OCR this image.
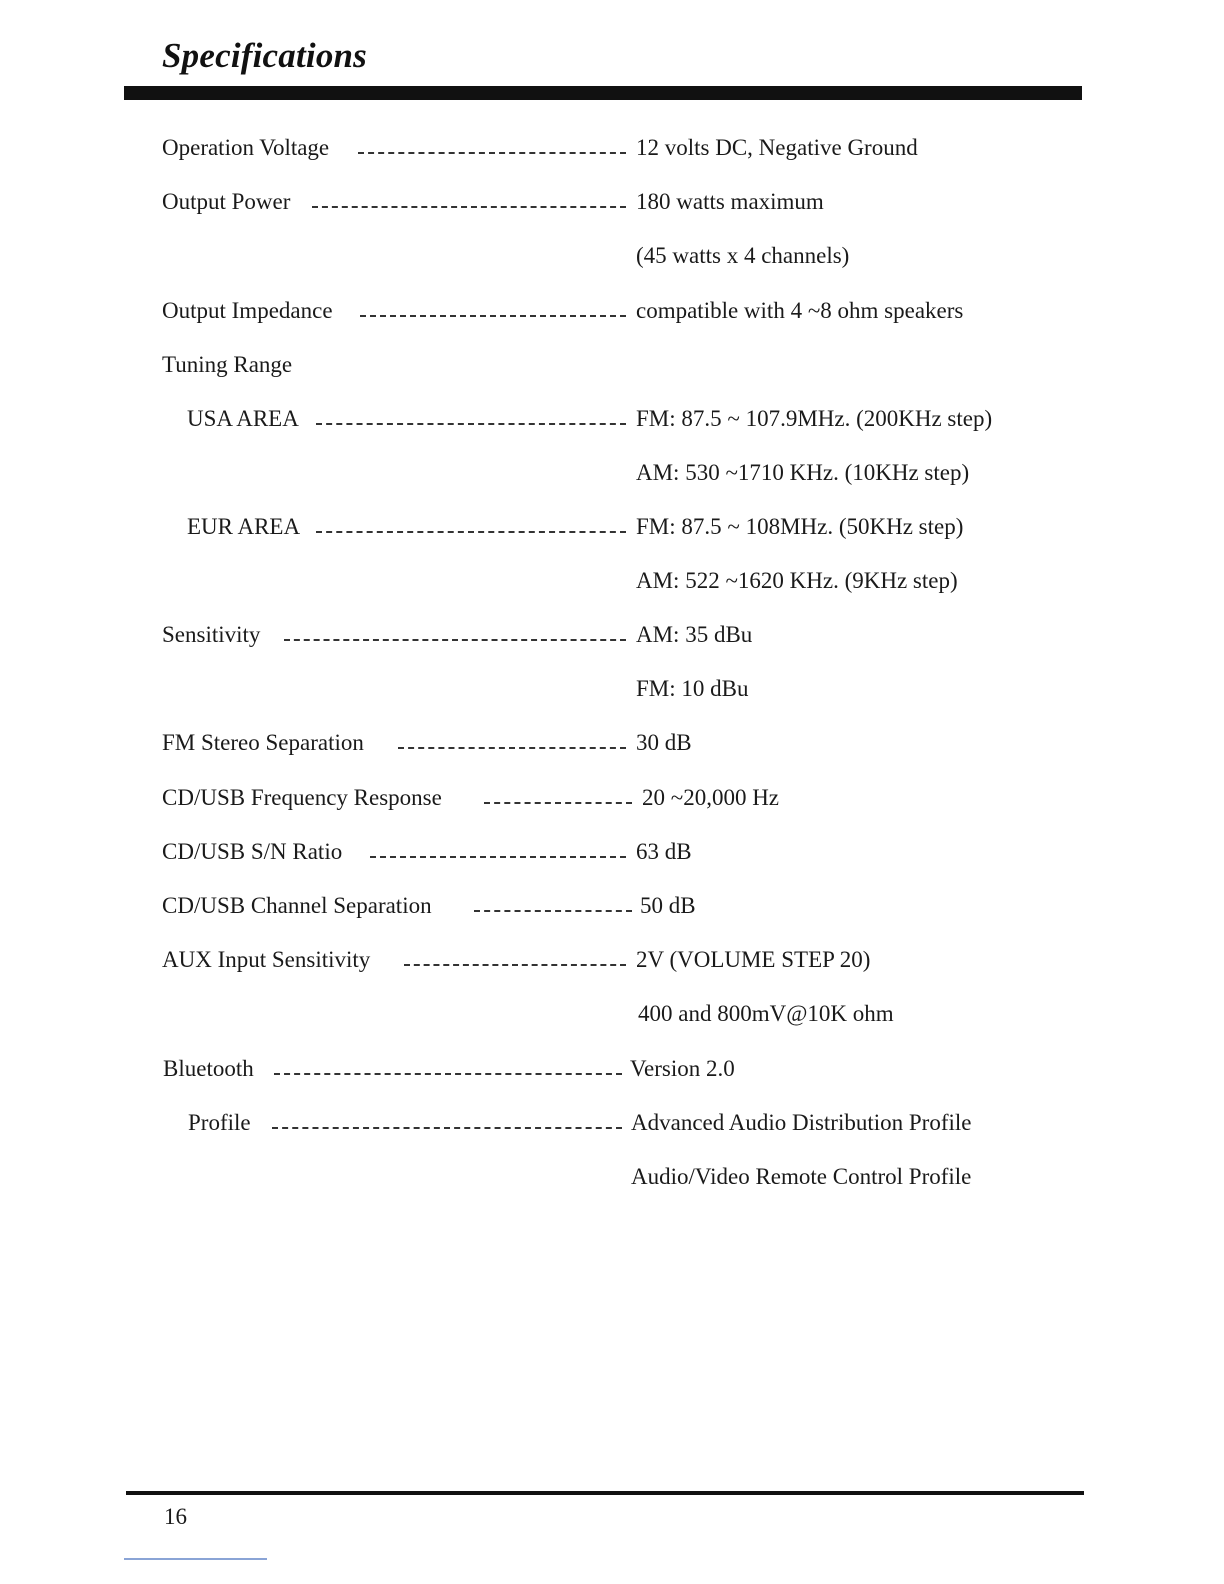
Specifications
Operation Voltage	12 volts DC, Negative Ground
Output Power	180 watts maximum
(45 watts x 4 channels)
Output Impedance	compatible with 4 ~8 ohm speakers
Tuning Range
USA AREA	FM: 87.5 ~ 107.9MHz. (200KHz step)
AM: 530 ~1710 KHz. (10KHz step)
EUR AREA	FM: 87.5 ~ 108MHz. (50KHz step)
AM: 522 ~1620 KHz. (9KHz step)
Sensitivity	AM: 35 dBu
FM: 10 dBu
FM Stereo Separation	30 dB
CD/USB Frequency Response	20 ~20,000 Hz
CD/USB S/N Ratio	63 dB
CD/USB Channel Separation	50 dB
AUX Input Sensitivity	2V (VOLUME STEP 20)
400 and 800mV@10K ohm
Bluetooth	Version 2.0
Profile	Advanced Audio Distribution Profile
Audio/Video Remote Control Profile
16
